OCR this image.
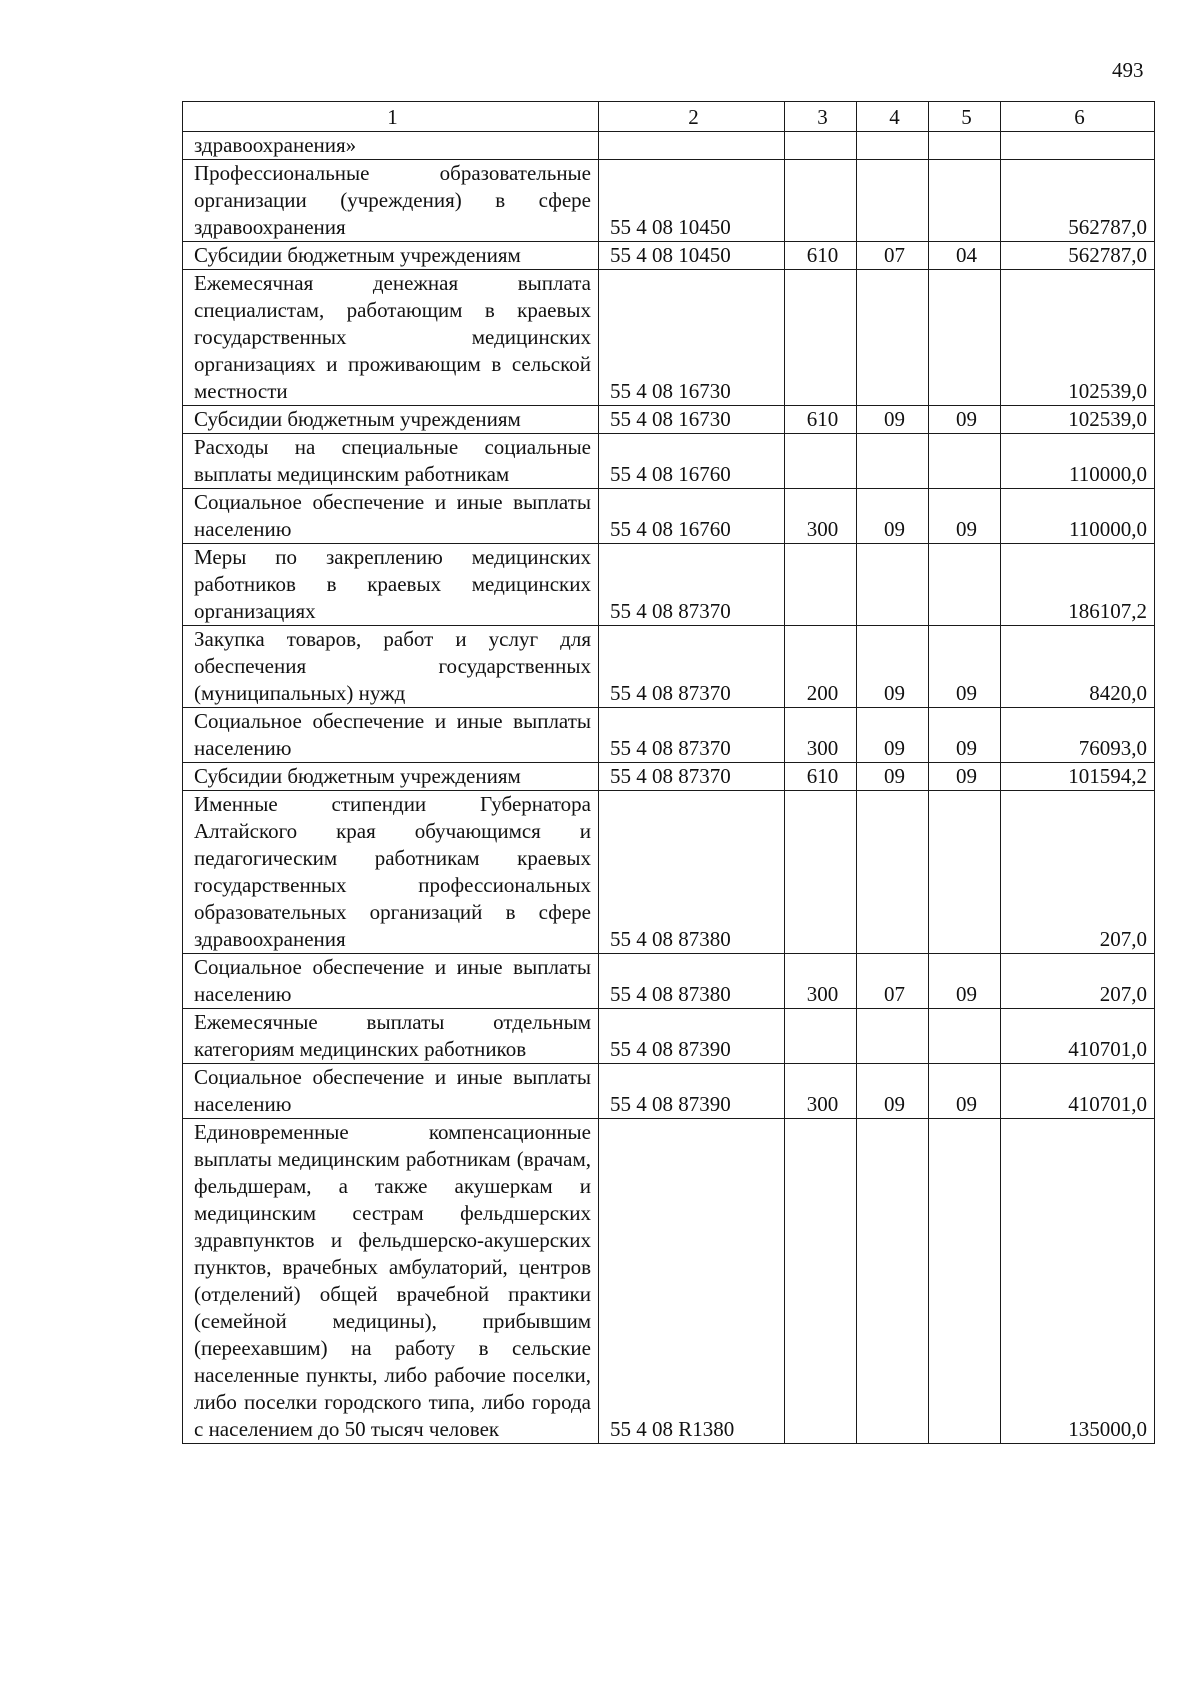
493
1	2	3	4	5	6
здравоохранения»					
Профессиональные образовательные организации (учреждения) в сфере здравоохранения	55 4 08 10450				562787,0
Субсидии бюджетным учреждениям	55 4 08 10450	610	07	04	562787,0
Ежемесячная денежная выплата специалистам, работающим в краевых государственных медицинских организациях и проживающим в сельской местности	55 4 08 16730				102539,0
Субсидии бюджетным учреждениям	55 4 08 16730	610	09	09	102539,0
Расходы на специальные социальные выплаты медицинским работникам	55 4 08 16760				110000,0
Социальное обеспечение и иные выплаты населению	55 4 08 16760	300	09	09	110000,0
Меры по закреплению медицинских работников в краевых медицинских организациях	55 4 08 87370				186107,2
Закупка товаров, работ и услуг для обеспечения государственных (муниципальных) нужд	55 4 08 87370	200	09	09	8420,0
Социальное обеспечение и иные выплаты населению	55 4 08 87370	300	09	09	76093,0
Субсидии бюджетным учреждениям	55 4 08 87370	610	09	09	101594,2
Именные стипендии Губернатора Алтайского края обучающимся и педагогическим работникам краевых государственных профессиональных образовательных организаций в сфере здравоохранения	55 4 08 87380				207,0
Социальное обеспечение и иные выплаты населению	55 4 08 87380	300	07	09	207,0
Ежемесячные выплаты отдельным категориям медицинских работников	55 4 08 87390				410701,0
Социальное обеспечение и иные выплаты населению	55 4 08 87390	300	09	09	410701,0
Единовременные компенсационные выплаты медицинским работникам (врачам, фельдшерам, а также акушеркам и медицинским сестрам фельдшерских здравпунктов и фельдшерско-акушерских пунктов, врачебных амбулаторий, центров (отделений) общей врачебной практики (семейной медицины), прибывшим (переехавшим) на работу в сельские населенные пункты, либо рабочие поселки, либо поселки городского типа, либо города с населением до 50 тысяч человек	55 4 08 R1380				135000,0
